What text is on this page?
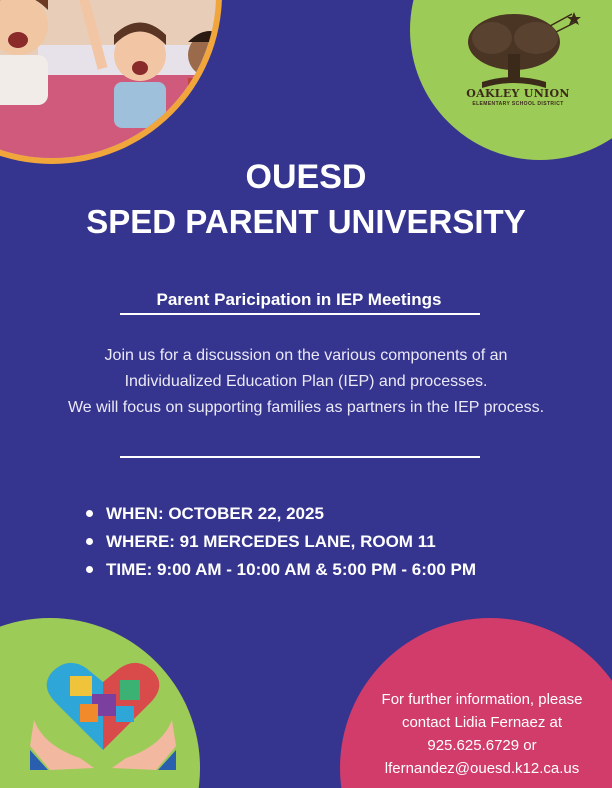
OAKLEY UNION
ELEMENTARY SCHOOL DISTRICT
OUESD
SPED PARENT UNIVERSITY
Parent Paricipation in IEP Meetings
Join us for a discussion on the various components of an
Individualized Education Plan (IEP) and processes.
We will focus on supporting families as partners in the IEP process.
WHEN: OCTOBER 22, 2025
WHERE: 91 MERCEDES LANE, ROOM 11
TIME: 9:00 AM - 10:00 AM & 5:00 PM - 6:00 PM
For further information, please
contact Lidia Fernaez at
925.625.6729 or
lfernandez@ouesd.k12.ca.us
